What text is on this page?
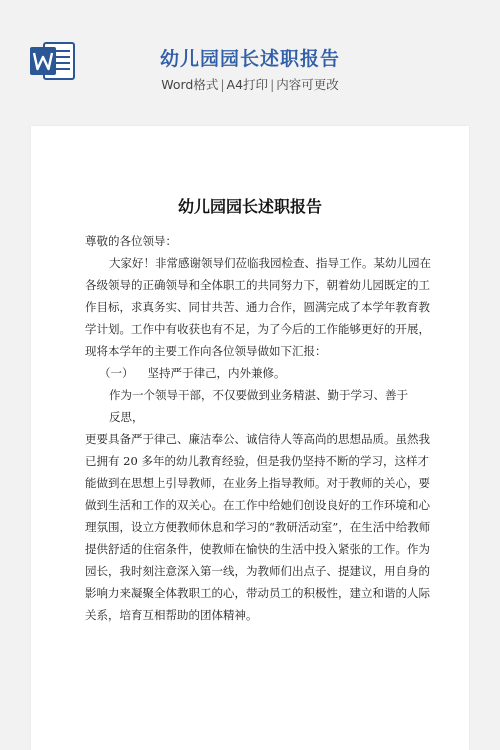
幼儿园园长述职报告
Word格式 | A4打印 | 内容可更改
幼儿园园长述职报告

尊敬的各位领导：

大家好！非常感谢领导们莅临我园检查、指导工作。某幼儿园在各级领导的正确领导和全体职工的共同努力下，朝着幼儿园既定的工作目标，求真务实、同甘共苦、通力合作，圆满完成了本学年教育教学计划。工作中有收获也有不足，为了今后的工作能够更好的开展，现将本学年的主要工作向各位领导做如下汇报：

（一） 坚持严于律己，内外兼修。

作为一个领导干部，不仅要做到业务精湛、勤于学习、善于

反思，

更要具备严于律己、廉洁奉公、诚信待人等高尚的思想品质。虽然我已拥有 20 多年的幼儿教育经验，但是我仍坚持不断的学习，这样才能做到在思想上引导教师，在业务上指导教师。对于教师的关心，要做到生活和工作的双关心。在工作中给她们创设良好的工作环境和心理氛围，设立方便教师休息和学习的“教研活动室”，在生活中给教师提供舒适的住宿条件，使教师在愉快的生活中投入紧张的工作。作为园长，我时刻注意深入第一线，为教师们出点子、提建议，用自身的影响力来凝聚全体教职工的心，带动员工的积极性，建立和谐的人际关系，培育互相帮助的团体精神。
